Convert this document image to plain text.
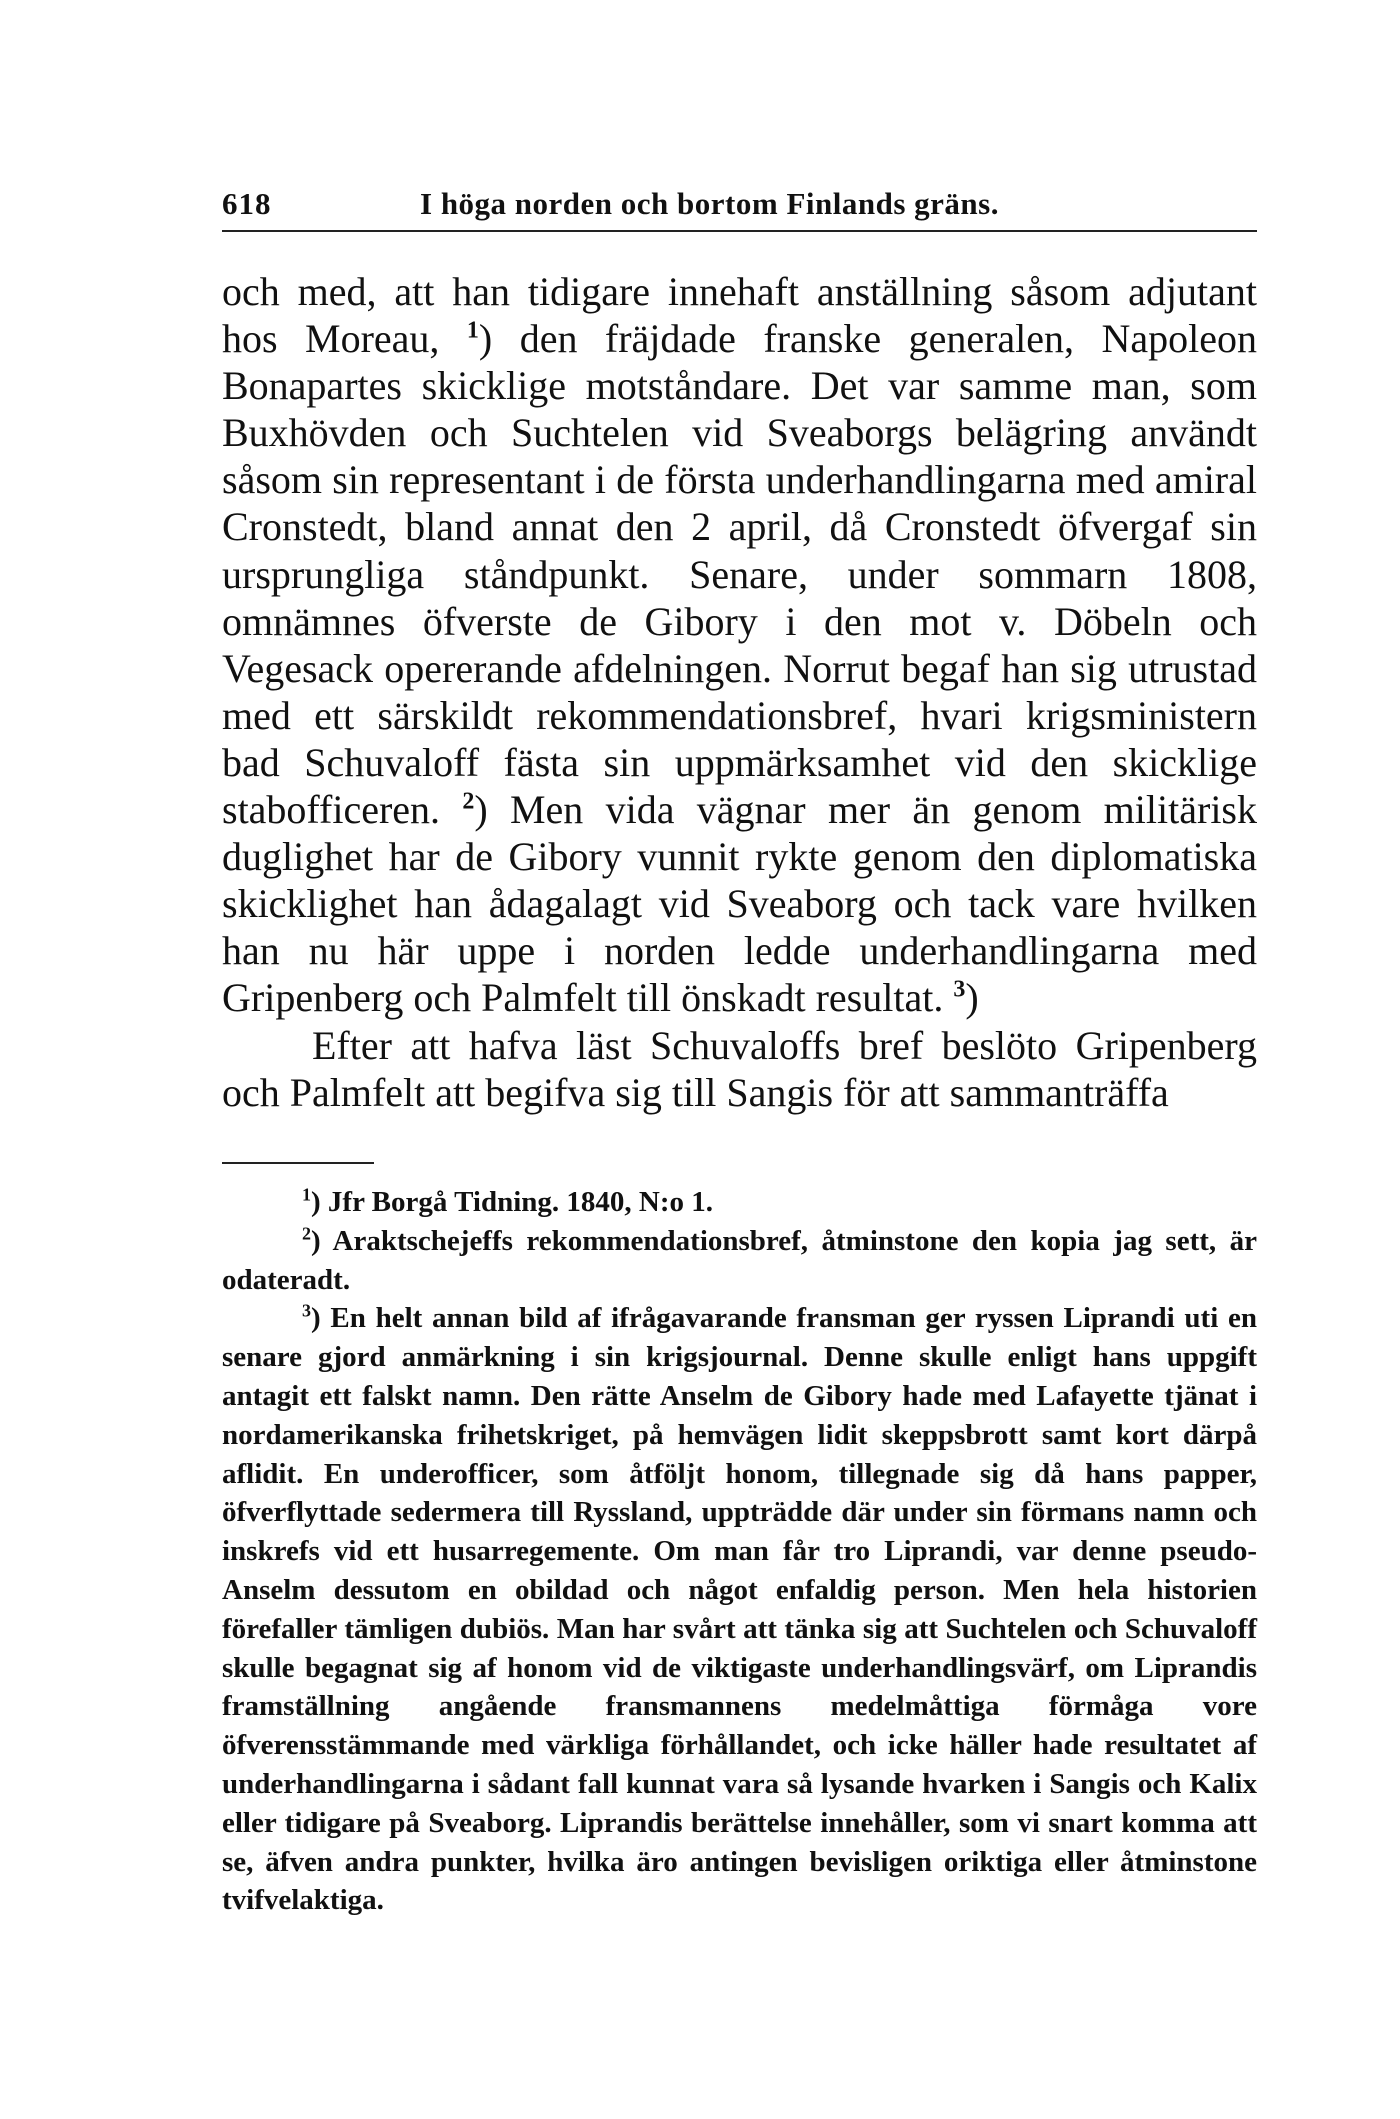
618	I höga norden och bortom Finlands gräns.

och med, att han tidigare innehaft anställning såsom adjutant hos Moreau, $^1$) den fräjdade franske generalen, Napoleon Bonapartes skicklige motståndare. Det var samme man, som Buxhövden och Suchtelen vid Sveaborgs belägring användt såsom sin representant i de första underhandlingarna med amiral Cronstedt, bland annat den 2 april, då Cronstedt öfvergaf sin ursprungliga ståndpunkt. Senare, under sommarn 1808, omnämnes öfverste de Gibory i den mot v. Döbeln och Vegesack opererande afdelningen. Norrut begaf han sig utrustad med ett särskildt rekommendationsbref, hvari krigsministern bad Schuvaloff fästa sin uppmärksamhet vid den skicklige stabofficeren. $^2$) Men vida vägnar mer än genom militärisk duglighet har de Gibory vunnit rykte genom den diplomatiska skicklighet han ådagalagt vid Sveaborg och tack vare hvilken han nu här uppe i norden ledde underhandlingarna med Gripenberg och Palmfelt till önskadt resultat. $^3$)

Efter att hafva läst Schuvaloffs bref beslöto Gripenberg och Palmfelt att begifva sig till Sangis för att sammanträffa

$^1$) Jfr Borgå Tidning. 1840, N:o 1.

$^2$) Araktschejeffs rekommendationsbref, åtminstone den kopia jag sett, är odateradt.

$^3$) En helt annan bild af ifrågavarande fransman ger ryssen Liprandi uti en senare gjord anmärkning i sin krigsjournal. Denne skulle enligt hans uppgift antagit ett falskt namn. Den rätte Anselm de Gibory hade med Lafayette tjänat i nordamerikanska frihetskriget, på hemvägen lidit skeppsbrott samt kort därpå aflidit. En underofficer, som åtföljt honom, tillegnade sig då hans papper, öfverflyttade sedermera till Ryssland, uppträdde där under sin förmans namn och inskrefs vid ett husarregemente. Om man får tro Liprandi, var denne pseudo-Anselm dessutom en obildad och något enfaldig person. Men hela historien förefaller tämligen dubiös. Man har svårt att tänka sig att Suchtelen och Schuvaloff skulle begagnat sig af honom vid de viktigaste underhandlingsvärf, om Liprandis framställning angående fransmannens medelmåttiga förmåga vore öfverensstämmande med värkliga förhållandet, och icke häller hade resultatet af underhandlingarna i sådant fall kunnat vara så lysande hvarken i Sangis och Kalix eller tidigare på Sveaborg. Liprandis berättelse innehåller, som vi snart komma att se, äfven andra punkter, hvilka äro antingen bevisligen oriktiga eller åtminstone tvifvelaktiga.
